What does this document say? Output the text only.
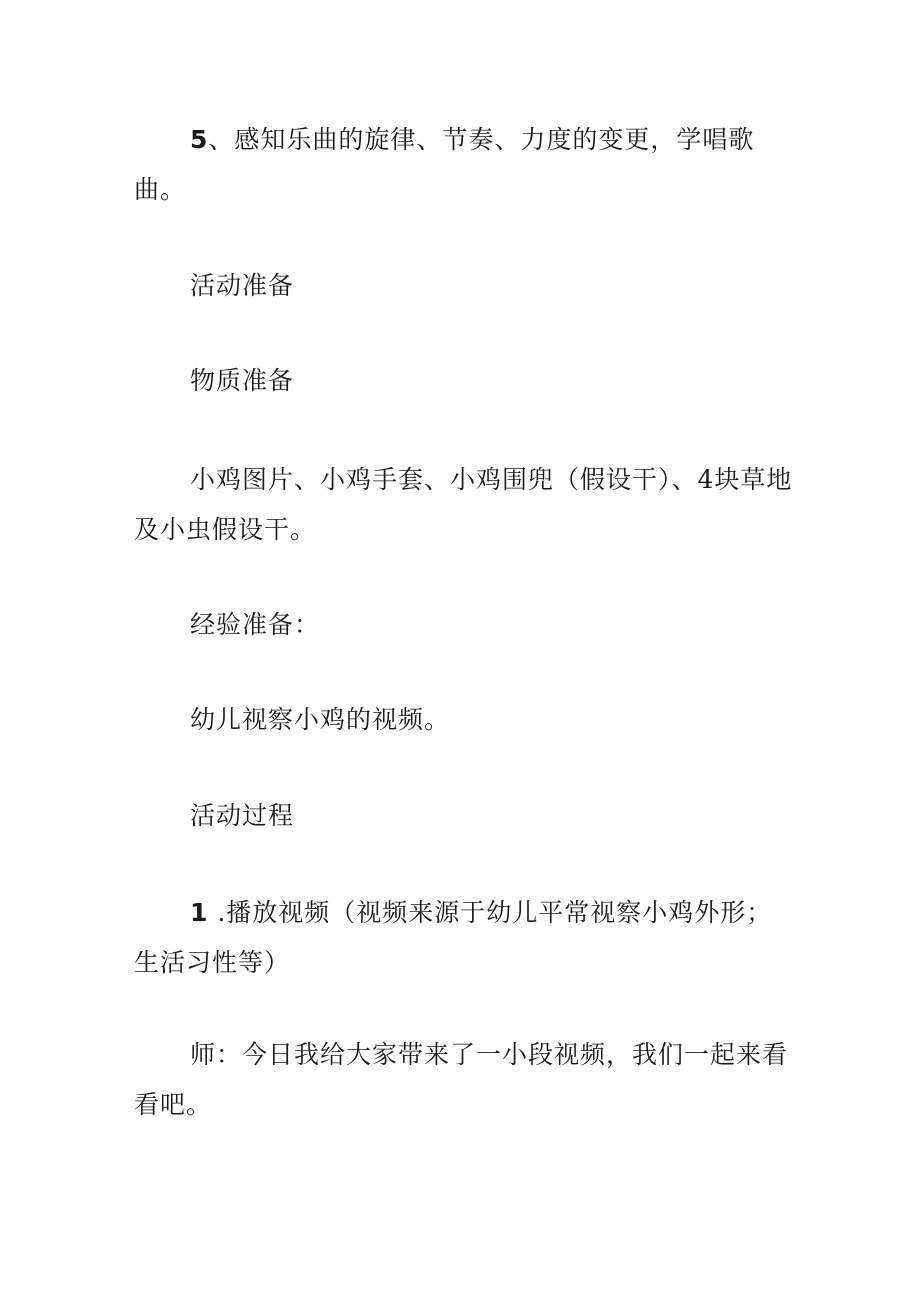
5、感知乐曲的旋律、节奏、力度的变更，学唱歌曲。

活动准备

物质准备

小鸡图片、小鸡手套、小鸡围兜（假设干）、4块草地及小虫假设干。

经验准备：

幼儿视察小鸡的视频。

活动过程

1 .播放视频（视频来源于幼儿平常视察小鸡外形；生活习性等）

师：今日我给大家带来了一小段视频，我们一起来看看吧。
